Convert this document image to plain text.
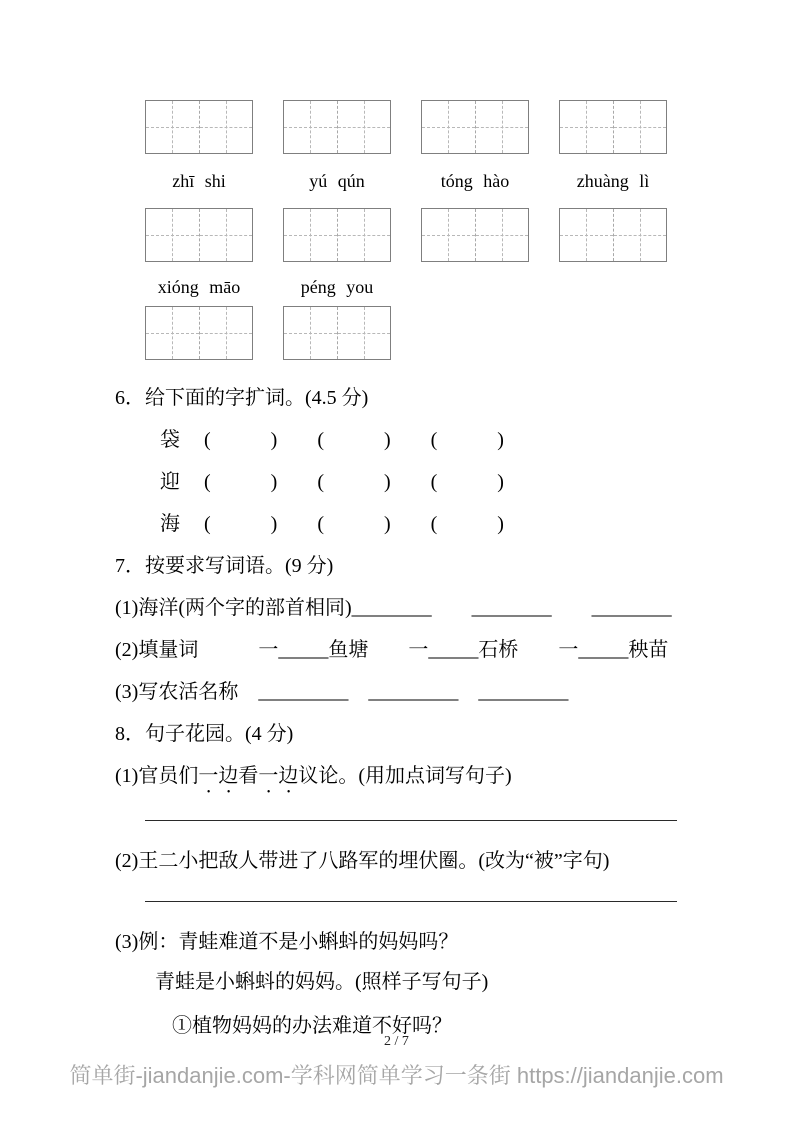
zhī shi	yú qún	tóng hào	zhuàng lì
xióng māo	péng you
6．给下面的字扩词。(4.5 分)
袋 (　　　)　　(　　　)　　(　　　)
迎 (　　　)　　(　　　)　　(　　　)
海 (　　　)　　(　　　)　　(　　　)
7．按要求写词语。(9 分)
(1)海洋(两个字的部首相同)________　　________　　________
(2)填量词　　　一_____鱼塘　　一_____石桥　　一_____秧苗
(3)写农活名称　_________　_________　_________
8．句子花园。(4 分)
(1)官员们一边看一边议论。(用加点词写句子)
(2)王二小把敌人带进了八路军的埋伏圈。(改为“被”字句)
(3)例：青蛙难道不是小蝌蚪的妈妈吗？
青蛙是小蝌蚪的妈妈。(照样子写句子)
①植物妈妈的办法难道不好吗？
2 / 7
简单街-jiandanjie.com-学科网简单学习一条街 https://jiandanjie.com
